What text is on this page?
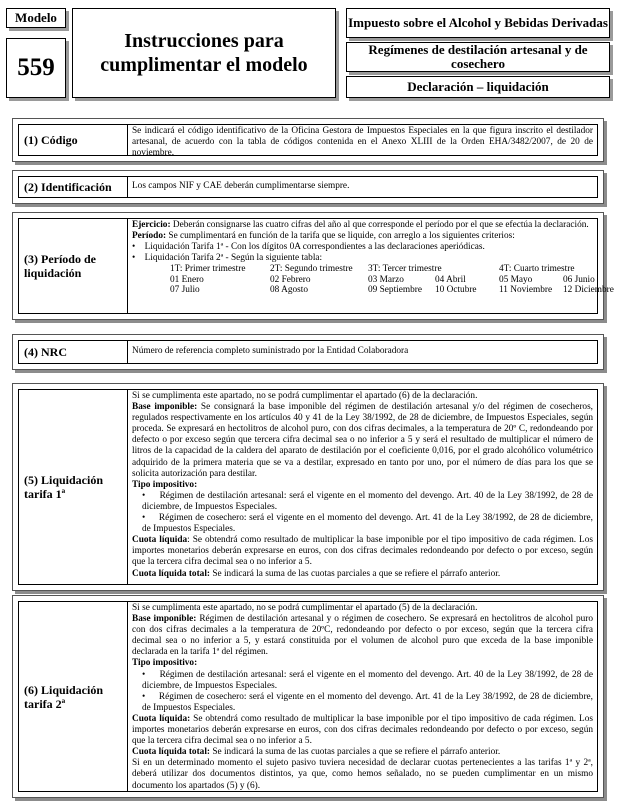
Modelo
559
Instrucciones para
cumplimentar el modelo
Impuesto sobre el Alcohol y Bebidas Derivadas
Regímenes de destilación artesanal y de cosechero
Declaración – liquidación
(1) Código

Se indicará el código identificativo de la Oficina Gestora de Impuestos Especiales en la que figura inscrito el destilador artesanal, de acuerdo con la tabla de códigos contenida en el Anexo XLIII de la Orden EHA/3482/2007, de 20 de noviembre.

(2) Identificación	Los campos NIF y CAE deberán cumplimentarse siempre.

(3) Período de
liquidación

Ejercicio: Deberán consignarse las cuatro cifras del año al que corresponde el período por el que se efectúa la declaración.

Período: Se cumplimentará en función de la tarifa que se liquide, con arreglo a los siguientes criterios:

•    Liquidación Tarifa 1ª - Con los dígitos 0A correspondientes a las declaraciones aperiódicas.

•    Liquidación Tarifa 2ª - Según la siguiente tabla:

1T: Primer trimestre	2T: Segundo trimestre	3T: Tercer trimestre	4T: Cuarto trimestre
01 Enero	02 Febrero	03 Marzo	04 Abril	05 Mayo	06 Junio
07 Julio	08 Agosto	09 Septiembre	10 Octubre	11 Noviembre	12 Diciembre
(4) NRC	Número de referencia completo suministrado por la Entidad Colaboradora

(5) Liquidación
tarifa 1ª

Si se cumplimenta este apartado, no se podrá cumplimentar el apartado (6) de la declaración.

Base imponible: Se consignará la base imponible del régimen de destilación artesanal y/o del régimen de cosecheros, regulados respectivamente en los artículos 40 y 41 de la Ley 38/1992, de 28 de diciembre, de Impuestos Especiales, según proceda. Se expresará en hectolitros de alcohol puro, con dos cifras decimales, a la temperatura de 20º C, redondeando por defecto o por exceso según que tercera cifra decimal sea o no inferior a 5 y será el resultado de multiplicar el número de litros de la capacidad de la caldera del aparato de destilación por el coeficiente 0,016, por el grado alcohólico volumétrico adquirido de la primera materia que se va a destilar, expresado en tanto por uno, por el número de días para los que se solicita autorización para destilar.

Tipo impositivo:

•     Régimen de destilación artesanal: será el vigente en el momento del devengo. Art. 40 de la Ley 38/1992, de 28 de diciembre, de Impuestos Especiales.

•     Régimen de cosechero: será el vigente en el momento del devengo. Art. 41 de la Ley 38/1992, de 28 de diciembre, de Impuestos Especiales.

Cuota líquida: Se obtendrá como resultado de multiplicar la base imponible por el tipo impositivo de cada régimen. Los importes monetarios deberán expresarse en euros, con dos cifras decimales redondeando por defecto o por exceso, según que la tercera cifra decimal sea o no inferior a 5.

Cuota líquida total: Se indicará la suma de las cuotas parciales a que se refiere el párrafo anterior.

(6) Liquidación
tarifa 2ª

Si se cumplimenta este apartado, no se podrá cumplimentar el apartado (5) de la declaración.

Base imponible: Régimen de destilación artesanal y o régimen de cosechero. Se expresará en hectolitros de alcohol puro con dos cifras decimales a la temperatura de 20ºC, redondeando por defecto o por exceso, según que la tercera cifra decimal sea o no inferior a 5, y estará constituida por el volumen de alcohol puro que exceda de la base imponible declarada en la tarifa 1ª del régimen.

Tipo impositivo:

•     Régimen de destilación artesanal: será el vigente en el momento del devengo. Art. 40 de la Ley 38/1992, de 28 de diciembre, de Impuestos Especiales.

•     Régimen de cosechero: será el vigente en el momento del devengo. Art. 41 de la Ley 38/1992, de 28 de diciembre, de Impuestos Especiales.

Cuota líquida: Se obtendrá como resultado de multiplicar la base imponible por el tipo impositivo de cada régimen. Los importes monetarios deberán expresarse en euros, con dos cifras decimales redondeando por defecto o por exceso, según que la tercera cifra decimal sea o no inferior a 5.

Cuota líquida total: Se indicará la suma de las cuotas parciales a que se refiere el párrafo anterior.

Si en un determinado momento el sujeto pasivo tuviera necesidad de declarar cuotas pertenecientes a las tarifas 1ª y 2ª, deberá utilizar dos documentos distintos, ya que, como hemos señalado, no se pueden cumplimentar en un mismo documento los apartados (5) y (6).
